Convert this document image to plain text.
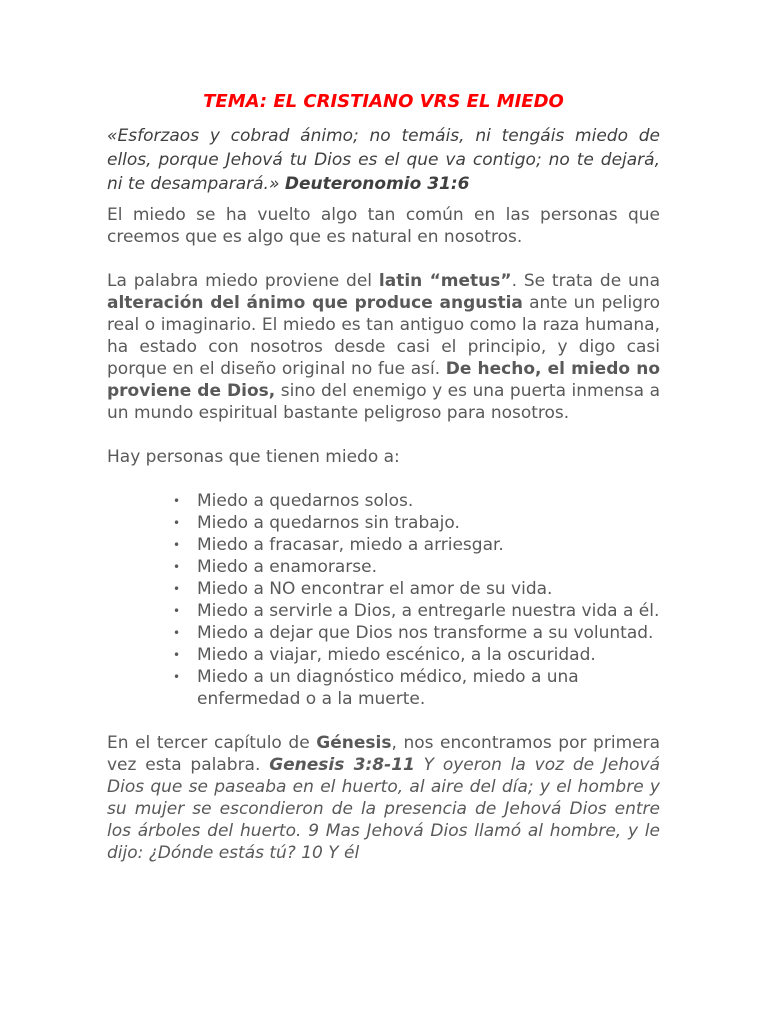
TEMA: EL CRISTIANO VRS EL MIEDO
«Esforzaos y cobrad ánimo; no temáis, ni tengáis miedo de ellos, porque Jehová tu Dios es el que va contigo; no te dejará, ni te desamparará.» Deuteronomio 31:6

El miedo se ha vuelto algo tan común en las personas que creemos que es algo que es natural en nosotros.

La palabra miedo proviene del latin “metus”. Se trata de una alteración del ánimo que produce angustia ante un peligro real o imaginario. El miedo es tan antiguo como la raza humana, ha estado con nosotros desde casi el principio, y digo casi porque en el diseño original no fue así. De hecho, el miedo no proviene de Dios, sino del enemigo y es una puerta inmensa a un mundo espiritual bastante peligroso para nosotros.

Hay personas que tienen miedo a:

• Miedo a quedarnos solos.
• Miedo a quedarnos sin trabajo.
• Miedo a fracasar, miedo a arriesgar.
• Miedo a enamorarse.
• Miedo a NO encontrar el amor de su vida.
• Miedo a servirle a Dios, a entregarle nuestra vida a él.
• Miedo a dejar que Dios nos transforme a su voluntad.
• Miedo a viajar, miedo escénico, a la oscuridad.
• Miedo a un diagnóstico médico, miedo a una enfermedad o a la muerte.

En el tercer capítulo de Génesis, nos encontramos por primera vez esta palabra. Genesis 3:8-11 Y oyeron la voz de Jehová Dios que se paseaba en el huerto, al aire del día; y el hombre y su mujer se escondieron de la presencia de Jehová Dios entre los árboles del huerto. 9 Mas Jehová Dios llamó al hombre, y le dijo: ¿Dónde estás tú? 10 Y él
